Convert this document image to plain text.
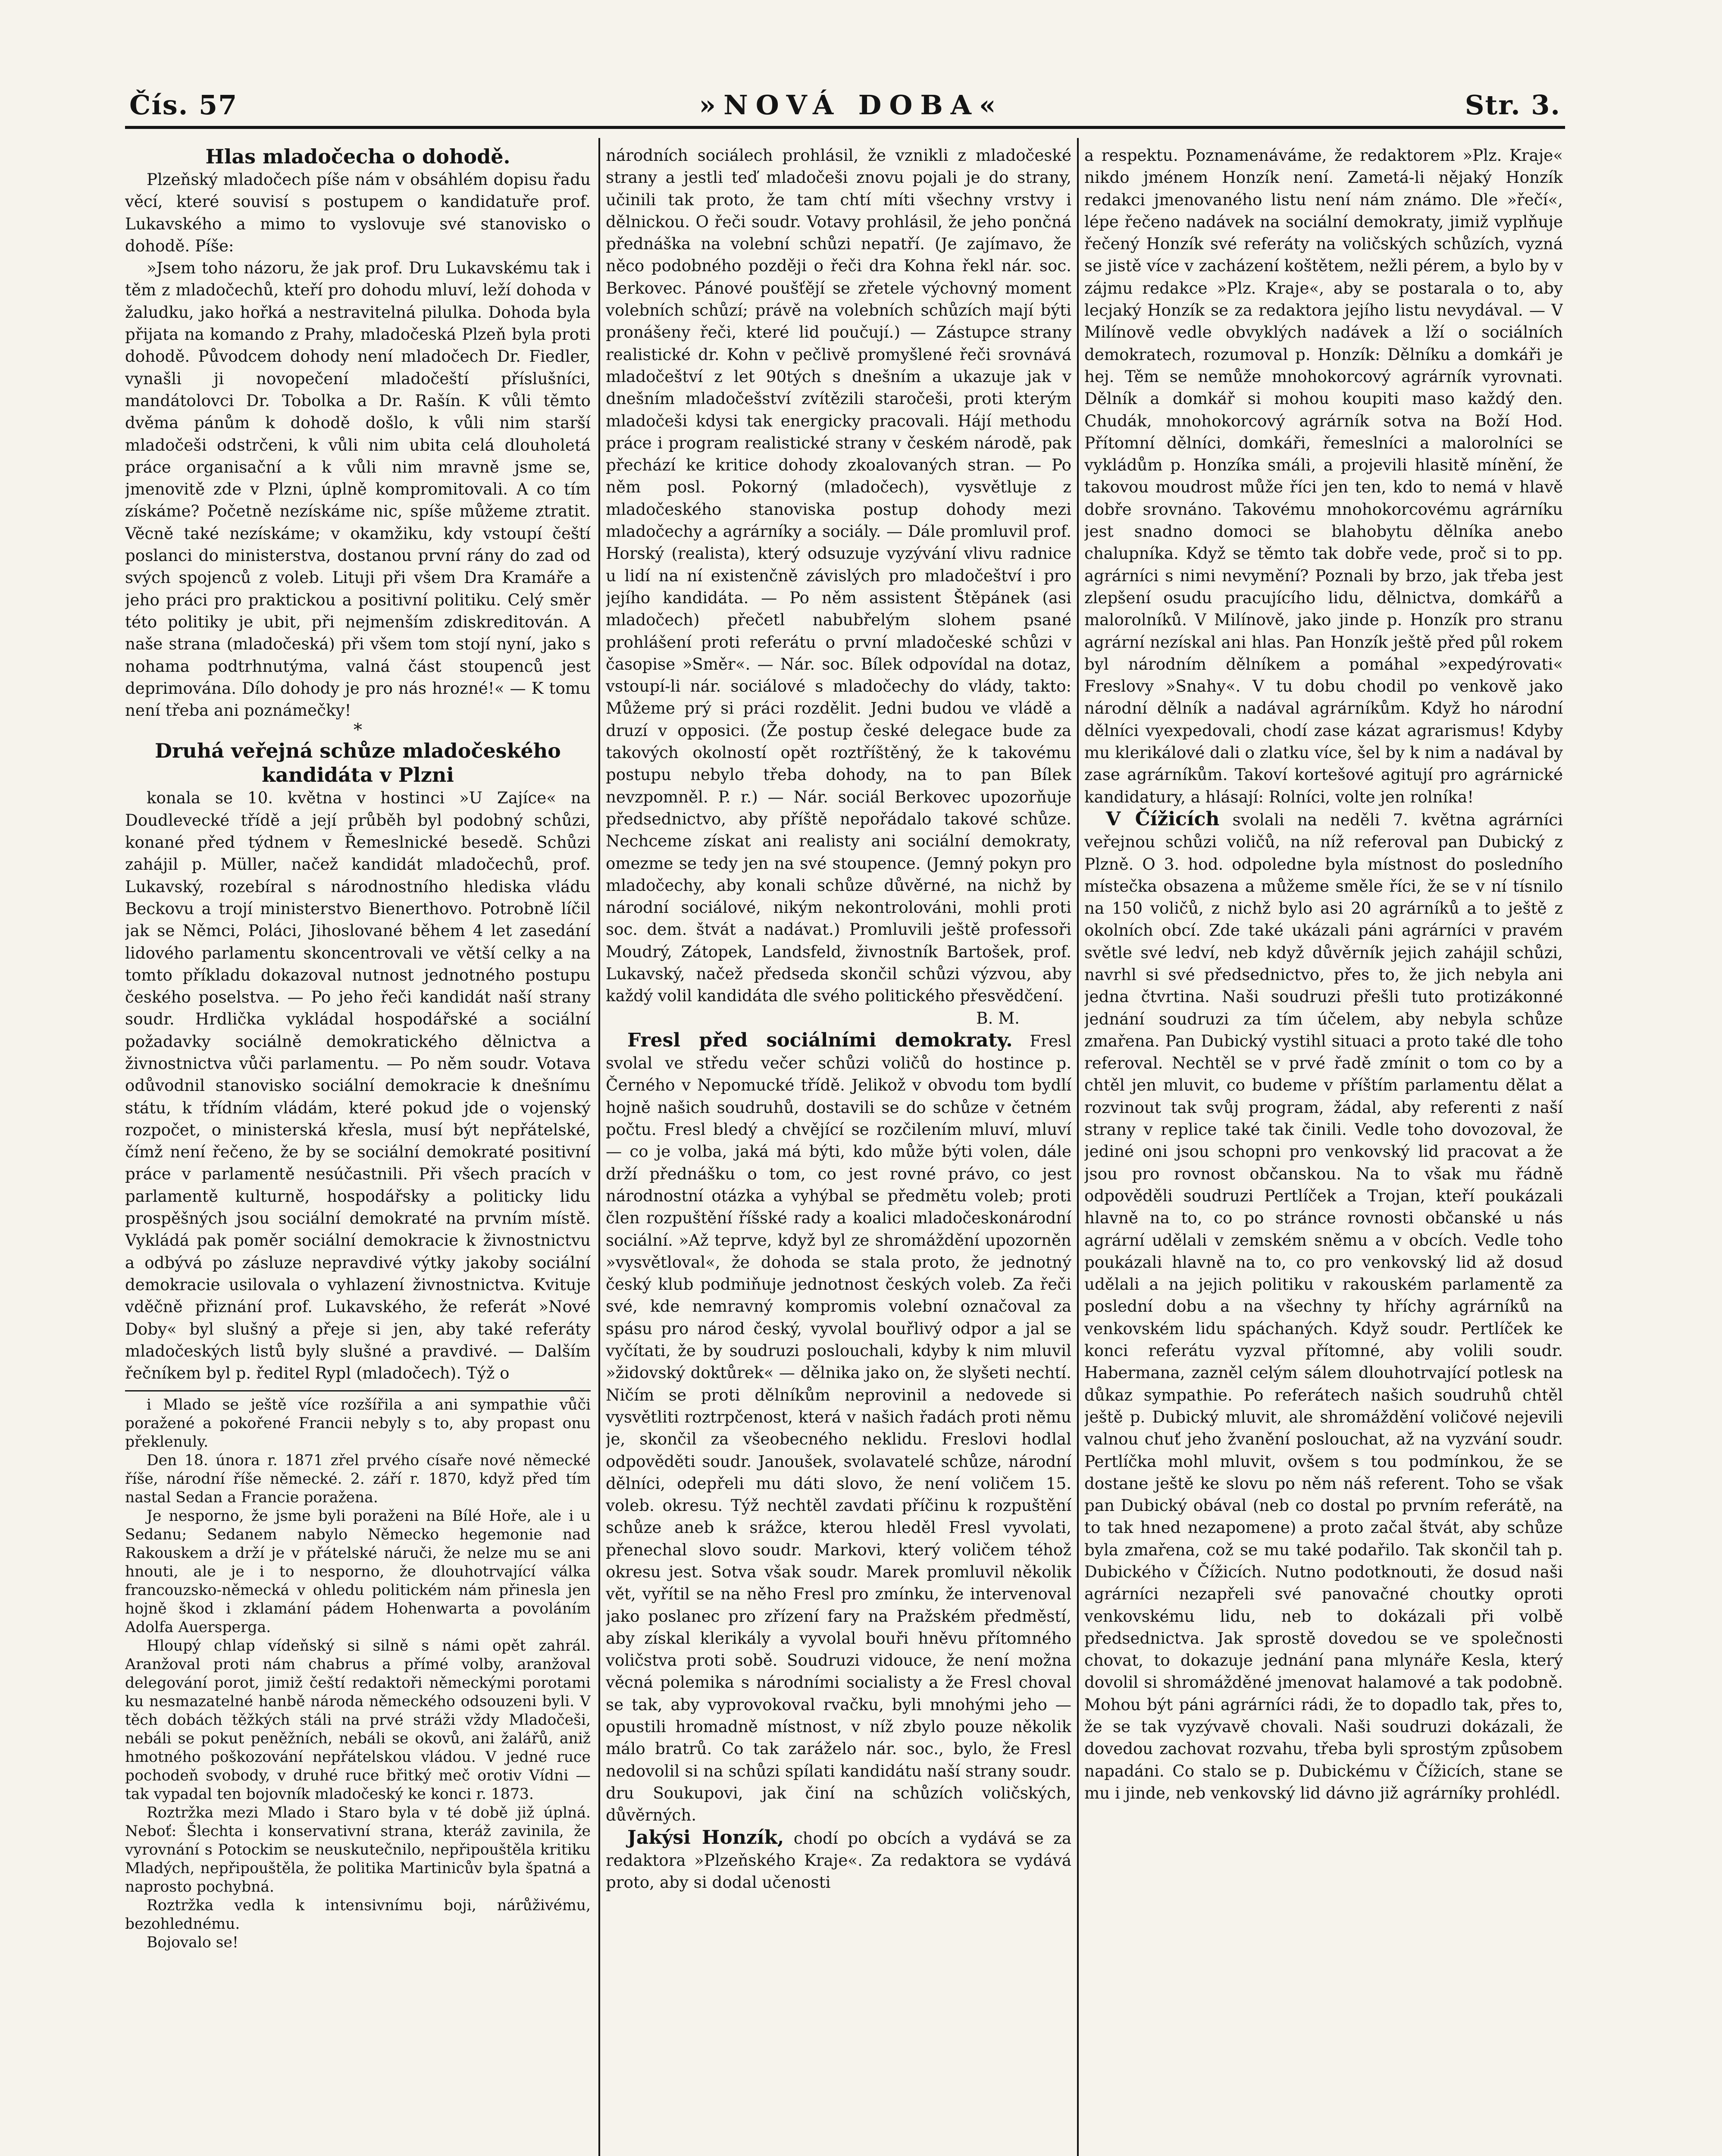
Čís. 57	»NOVÁ DOBA«	Str. 3.
Hlas mladočecha o dohodě.

Plzeňský mladočech píše nám v obsáhlém dopisu řadu věcí, které souvisí s postupem o kandidatuře prof. Lukavského a mimo to vyslovuje své stanovisko o dohodě. Píše:

»Jsem toho názoru, že jak prof. Dru Lukavskému tak i těm z mladočechů, kteří pro dohodu mluví, leží dohoda v žaludku, jako hořká a nestravitelná pilulka. Dohoda byla přijata na komando z Prahy, mladočeská Plzeň byla proti dohodě. Původcem dohody není mladočech Dr. Fiedler, vynašli ji novopečení mladočeští příslušníci, mandátolovci Dr. Tobolka a Dr. Rašín. K vůli těmto dvěma pánům k dohodě došlo, k vůli nim starší mladočeši odstrčeni, k vůli nim ubita celá dlouholetá práce organisační a k vůli nim mravně jsme se, jmenovitě zde v Plzni, úplně kompromitovali. A co tím získáme? Početně nezískáme nic, spíše můžeme ztratit. Věcně také nezískáme; v okamžiku, kdy vstoupí čeští poslanci do ministerstva, dostanou první rány do zad od svých spojenců z voleb. Lituji při všem Dra Kramáře a jeho práci pro praktickou a positivní politiku. Celý směr této politiky je ubit, při nejmenším zdiskreditován. A naše strana (mladočeská) při všem tom stojí nyní, jako s nohama podtrhnutýma, valná část stoupenců jest deprimována. Dílo dohody je pro nás hrozné!« — K tomu není třeba ani poznámečky!

*

Druhá veřejná schůze mladočeského kandidáta v Plzni

konala se 10. května v hostinci »U Zajíce« na Doudlevecké třídě a její průběh byl podobný schůzi, konané před týdnem v Řemeslnické besedě. Schůzi zahájil p. Müller, načež kandidát mladočechů, prof. Lukavský, rozebíral s národnostního hlediska vládu Beckovu a trojí ministerstvo Bienerthovo. Potrobně líčil jak se Němci, Poláci, Jihoslované během 4 let zasedání lidového parlamentu skoncentrovali ve větší celky a na tomto příkladu dokazoval nutnost jednotného postupu českého poselstva. — Po jeho řeči kandidát naší strany soudr. Hrdlička vykládal hospodářské a sociální požadavky sociálně demokratického dělnictva a živnostnictva vůči parlamentu. — Po něm soudr. Votava odůvodnil stanovisko sociální demokracie k dnešnímu státu, k třídním vládám, které pokud jde o vojenský rozpočet, o ministerská křesla, musí být nepřátelské, čímž není řečeno, že by se sociální demokraté positivní práce v parlamentě nesúčastnili. Při všech pracích v parlamentě kulturně, hospodářsky a politicky lidu prospěšných jsou sociální demokraté na prvním místě. Vykládá pak poměr sociální demokracie k živnostnictvu a odbývá po zásluze nepravdivé výtky jakoby sociální demokracie usilovala o vyhlazení živnostnictva. Kvituje vděčně přiznání prof. Lukavského, že referát »Nové Doby« byl slušný a přeje si jen, aby také referáty mladočeských listů byly slušné a pravdivé. — Dalším řečníkem byl p. ředitel Rypl (mladočech). Týž o

i Mlado se ještě více rozšířila a ani sympathie vůči poražené a pokořené Francii nebyly s to, aby propast onu překlenuly.

Den 18. února r. 1871 zřel prvého císaře nové německé říše, národní říše německé. 2. září r. 1870, když před tím nastal Sedan a Francie poražena.

Je nesporno, že jsme byli poraženi na Bílé Hoře, ale i u Sedanu; Sedanem nabylo Německo hegemonie nad Rakouskem a drží je v přátelské náruči, že nelze mu se ani hnouti, ale je i to nesporno, že dlouhotrvající válka francouzsko-německá v ohledu politickém nám přinesla jen hojně škod i zklamání pádem Hohenwarta a povoláním Adolfa Auersperga.

Hloupý chlap vídeňský si silně s námi opět zahrál. Aranžoval proti nám chabrus a přímé volby, aranžoval delegování porot, jimiž čeští redaktoři německými porotami ku nesmazatelné hanbě národa německého odsouzeni byli. V těch dobách těžkých stáli na prvé stráži vždy Mladočeši, nebáli se pokut peněžních, nebáli se okovů, ani žalářů, aniž hmotného poškozování nepřátelskou vládou. V jedné ruce pochodeň svobody, v druhé ruce břitký meč orotiv Vídni — tak vypadal ten bojovník mladočeský ke konci r. 1873.

Roztržka mezi Mlado i Staro byla v té době již úplná. Neboť: Šlechta i konservativní strana, kteráž zavinila, že vyrovnání s Potockim se neuskutečnilo, nepřipouštěla kritiku Mladých, nepřipouštěla, že politika Martinicův byla špatná a naprosto pochybná.

Roztržka vedla k intensivnímu boji, nárůživému, bezohlednému.

Bojovalo se!

národních sociálech prohlásil, že vznikli z mladočeské strany a jestli teď mladočeši znovu pojali je do strany, učinili tak proto, že tam chtí míti všechny vrstvy i dělnickou. O řeči soudr. Votavy prohlásil, že jeho pončná přednáška na volební schůzi nepatří. (Je zajímavo, že něco podobného později o řeči dra Kohna řekl nár. soc. Berkovec. Pánové poušťějí se zřetele výchovný moment volebních schůzí; právě na volebních schůzích mají býti pronášeny řeči, které lid poučují.) — Zástupce strany realistické dr. Kohn v pečlivě promyšlené řeči srovnává mladočeštví z let 90tých s dnešním a ukazuje jak v dnešním mladočešství zvítězili staročeši, proti kterým mladočeši kdysi tak energicky pracovali. Hájí methodu práce i program realistické strany v českém národě, pak přechází ke kritice dohody zkoalovaných stran. — Po něm posl. Pokorný (mladočech), vysvětluje z mladočeského stanoviska postup dohody mezi mladočechy a agrárníky a sociály. — Dále promluvil prof. Horský (realista), který odsuzuje vyzývání vlivu radnice u lidí na ní existenčně závislých pro mladočeštví i pro jejího kandidáta. — Po něm assistent Štěpánek (asi mladočech) přečetl nabubřelým slohem psané prohlášení proti referátu o první mladočeské schůzi v časopise »Směr«. — Nár. soc. Bílek odpovídal na dotaz, vstoupí-li nár. sociálové s mladočechy do vlády, takto: Můžeme prý si práci rozdělit. Jedni budou ve vládě a druzí v opposici. (Že postup české delegace bude za takových okolností opět roztříštěný, že k takovému postupu nebylo třeba dohody, na to pan Bílek nevzpomněl. P. r.) — Nár. sociál Berkovec upozorňuje předsednictvo, aby příště nepořádalo takové schůze. Nechceme získat ani realisty ani sociální demokraty, omezme se tedy jen na své stoupence. (Jemný pokyn pro mladočechy, aby konali schůze důvěrné, na nichž by národní sociálové, nikým nekontrolováni, mohli proti soc. dem. štvát a nadávat.) Promluvili ještě professoři Moudrý, Zátopek, Landsfeld, živnostník Bartošek, prof. Lukavský, načež předseda skončil schůzi výzvou, aby každý volil kandidáta dle svého politického přesvědčení.

B. M.

Fresl před sociálními demokraty. Fresl svolal ve středu večer schůzi voličů do hostince p. Černého v Nepomucké třídě. Jelikož v obvodu tom bydlí hojně našich soudruhů, dostavili se do schůze v četném počtu. Fresl bledý a chvějící se rozčilením mluví, mluví — co je volba, jaká má býti, kdo může býti volen, dále drží přednášku o tom, co jest rovné právo, co jest národnostní otázka a vyhýbal se předmětu voleb; proti člen rozpuštění říšské rady a koalici mladočeskonárodní sociální. »Až teprve, když byl ze shromáždění upozorněn »vysvětloval«, že dohoda se stala proto, že jednotný český klub podmiňuje jednotnost českých voleb. Za řeči své, kde nemravný kompromis volební označoval za spásu pro národ český, vyvolal bouřlivý odpor a jal se vyčítati, že by soudruzi poslouchali, kdyby k nim mluvil »židovský doktůrek« — dělnika jako on, že slyšeti nechtí. Ničím se proti dělníkům neprovinil a nedovede si vysvětliti roztrpčenost, která v našich řadách proti němu je, skončil za všeobecného neklidu. Freslovi hodlal odpověděti soudr. Janoušek, svolavatelé schůze, národní dělníci, odepřeli mu dáti slovo, že není voličem 15. voleb. okresu. Týž nechtěl zavdati příčinu k rozpuštění schůze aneb k srážce, kterou hleděl Fresl vyvolati, přenechal slovo soudr. Markovi, který voličem téhož okresu jest. Sotva však soudr. Marek promluvil několik vět, vyřítil se na něho Fresl pro zmínku, že intervenoval jako poslanec pro zřízení fary na Pražském předměstí, aby získal klerikály a vyvolal bouři hněvu přítomného voličstva proti sobě. Soudruzi vidouce, že není možna věcná polemika s národními socialisty a že Fresl choval se tak, aby vyprovokoval rvačku, byli mnohými jeho — opustili hromadně místnost, v níž zbylo pouze několik málo bratrů. Co tak zaráželo nár. soc., bylo, že Fresl nedovolil si na schůzi spílati kandidátu naší strany soudr. dru Soukupovi, jak činí na schůzích voličských, důvěrných.

Jakýsi Honzík, chodí po obcích a vydává se za redaktora »Plzeňského Kraje«. Za redaktora se vydává proto, aby si dodal učenosti

a respektu. Poznamenáváme, že redaktorem »Plz. Kraje« nikdo jménem Honzík není. Zametá-li nějaký Honzík redakci jmenovaného listu není nám známo. Dle »řečí«, lépe řečeno nadávek na sociální demokraty, jimiž vyplňuje řečený Honzík své referáty na voličských schůzích, vyzná se jistě více v zacházení koštětem, nežli pérem, a bylo by v zájmu redakce »Plz. Kraje«, aby se postarala o to, aby lecjaký Honzík se za redaktora jejího listu nevydával. — V Milínově vedle obvyklých nadávek a lží o sociálních demokratech, rozumoval p. Honzík: Dělníku a domkáři je hej. Těm se nemůže mnohokorcový agrárník vyrovnati. Dělník a domkář si mohou koupiti maso každý den. Chudák, mnohokorcový agrárník sotva na Boží Hod. Přítomní dělníci, domkáři, řemeslníci a malorolníci se vykládům p. Honzíka smáli, a projevili hlasitě mínění, že takovou moudrost může říci jen ten, kdo to nemá v hlavě dobře srovnáno. Takovému mnohokorcovému agrárníku jest snadno domoci se blahobytu dělníka anebo chalupníka. Když se těmto tak dobře vede, proč si to pp. agrárníci s nimi nevymění? Poznali by brzo, jak třeba jest zlepšení osudu pracujícího lidu, dělnictva, domkářů a malorolníků. V Milínově, jako jinde p. Honzík pro stranu agrární nezískal ani hlas. Pan Honzík ještě před půl rokem byl národním dělníkem a pomáhal »expedýrovati« Freslovy »Snahy«. V tu dobu chodil po venkově jako národní dělník a nadával agrárníkům. Když ho národní dělníci vyexpedovali, chodí zase kázat agrarismus! Kdyby mu klerikálové dali o zlatku více, šel by k nim a nadával by zase agrárníkům. Takoví kortešové agitují pro agrárnické kandidatury, a hlásají: Rolníci, volte jen rolníka!

V Čížicích svolali na neděli 7. května agrárníci veřejnou schůzi voličů, na níž referoval pan Dubický z Plzně. O 3. hod. odpoledne byla místnost do posledního místečka obsazena a můžeme směle říci, že se v ní tísnilo na 150 voličů, z nichž bylo asi 20 agrárníků a to ještě z okolních obcí. Zde také ukázali páni agrárníci v pravém světle své ledví, neb když důvěrník jejich zahájil schůzi, navrhl si své předsednictvo, přes to, že jich nebyla ani jedna čtvrtina. Naši soudruzi přešli tuto protizákonné jednání soudruzi za tím účelem, aby nebyla schůze zmařena. Pan Dubický vystihl situaci a proto také dle toho referoval. Nechtěl se v prvé řadě zmínit o tom co by a chtěl jen mluvit, co budeme v příštím parlamentu dělat a rozvinout tak svůj program, žádal, aby referenti z naší strany v replice také tak činili. Vedle toho dovozoval, že jediné oni jsou schopni pro venkovský lid pracovat a že jsou pro rovnost občanskou. Na to však mu řádně odpověděli soudruzi Pertlíček a Trojan, kteří poukázali hlavně na to, co po stránce rovnosti občanské u nás agrární udělali v zemském sněmu a v obcích. Vedle toho poukázali hlavně na to, co pro venkovský lid až dosud udělali a na jejich politiku v rakouském parlamentě za poslední dobu a na všechny ty hříchy agrárníků na venkovském lidu spáchaných. Když soudr. Pertlíček ke konci referátu vyzval přítomné, aby volili soudr. Habermana, zazněl celým sálem dlouhotrvající potlesk na důkaz sympathie. Po referátech našich soudruhů chtěl ještě p. Dubický mluvit, ale shromáždění voličové nejevili valnou chuť jeho žvanění poslouchat, až na vyzvání soudr. Pertlíčka mohl mluvit, ovšem s tou podmínkou, že se dostane ještě ke slovu po něm náš referent. Toho se však pan Dubický obával (neb co dostal po prvním referátě, na to tak hned nezapomene) a proto začal štvát, aby schůze byla zmařena, což se mu také podařilo. Tak skončil tah p. Dubického v Čížicích. Nutno podotknouti, že dosud naši agrárníci nezapřeli své panovačné choutky oproti venkovskému lidu, neb to dokázali při volbě předsednictva. Jak sprostě dovedou se ve společnosti chovat, to dokazuje jednání pana mlynáře Kesla, který dovolil si shromážděné jmenovat halamové a tak podobně. Mohou být páni agrárníci rádi, že to dopadlo tak, přes to, že se tak vyzývavě chovali. Naši soudruzi dokázali, že dovedou zachovat rozvahu, třeba byli sprostým způsobem napadáni. Co stalo se p. Dubickému v Čížicích, stane se mu i jinde, neb venkovský lid dávno již agrárníky prohlédl.
